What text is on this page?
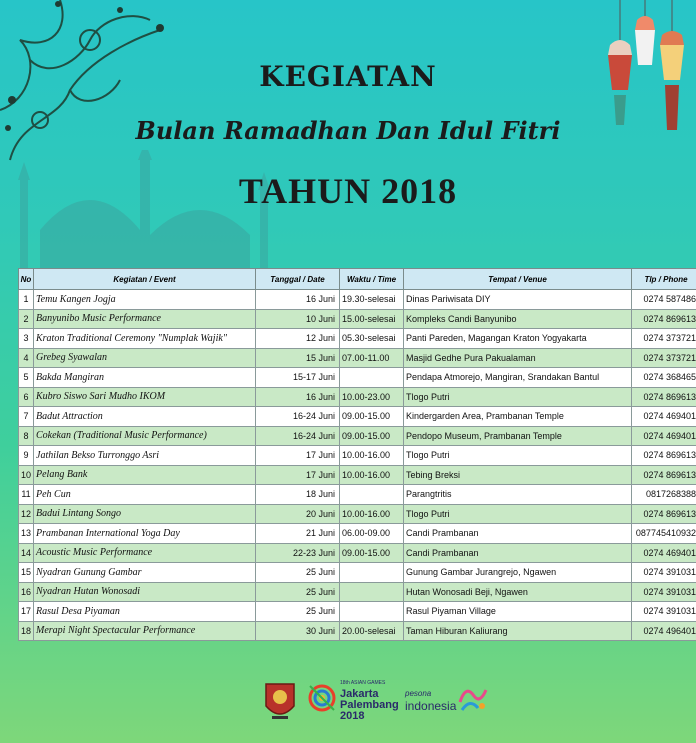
KEGIATAN
Bulan Ramadhan Dan Idul Fitri
TAHUN 2018
No	Kegiatan / Event	Tanggal / Date	Waktu / Time	Tempat / Venue	Tlp / Phone
1	Temu Kangen Jogja	16 Juni	19.30-selesai	Dinas Pariwisata DIY	0274 587486
2	Banyunibo Music Performance	10 Juni	15.00-selesai	Kompleks Candi Banyunibo	0274 869613
3	Kraton Traditional Ceremony "Numplak Wajik"	12 Juni	05.30-selesai	Panti Pareden, Magangan Kraton Yogyakarta	0274 373721
4	Grebeg Syawalan	15 Juni	07.00-11.00	Masjid Gedhe Pura Pakualaman	0274 373721
5	Bakda Mangiran	15-17 Juni		Pendapa Atmorejo, Mangiran, Srandakan Bantul	0274 368465
6	Kubro Siswo Sari Mudho IKOM	16 Juni	10.00-23.00	Tlogo Putri	0274 869613
7	Badut Attraction	16-24 Juni	09.00-15.00	Kindergarden Area, Prambanan Temple	0274 469401
8	Cokekan (Traditional Music Performance)	16-24 Juni	09.00-15.00	Pendopo Museum, Prambanan Temple	0274 469401
9	Jathilan Bekso Turronggo Asri	17 Juni	10.00-16.00	Tlogo Putri	0274 869613
10	Pelang Bank	17 Juni	10.00-16.00	Tebing Breksi	0274 869613
11	Peh Cun	18 Juni		Parangtritis	0817268388
12	Badui Lintang Songo	20 Juni	10.00-16.00	Tlogo Putri	0274 869613
13	Prambanan International Yoga Day	21 Juni	06.00-09.00	Candi Prambanan	087745410932
14	Acoustic Music Performance	22-23 Juni	09.00-15.00	Candi Prambanan	0274 469401
15	Nyadran Gunung Gambar	25 Juni		Gunung Gambar Jurangrejo, Ngawen	0274 391031
16	Nyadran Hutan Wonosadi	25 Juni		Hutan Wonosadi Beji, Ngawen	0274 391031
17	Rasul Desa Piyaman	25 Juni		Rasul Piyaman Village	0274 391031
18	Merapi Night Spectacular Performance	30 Juni	20.00-selesai	Taman Hiburan Kaliurang	0274 496401
18th ASIAN GAMES
Jakarta
Palembang
2018
pesona
indonesia
